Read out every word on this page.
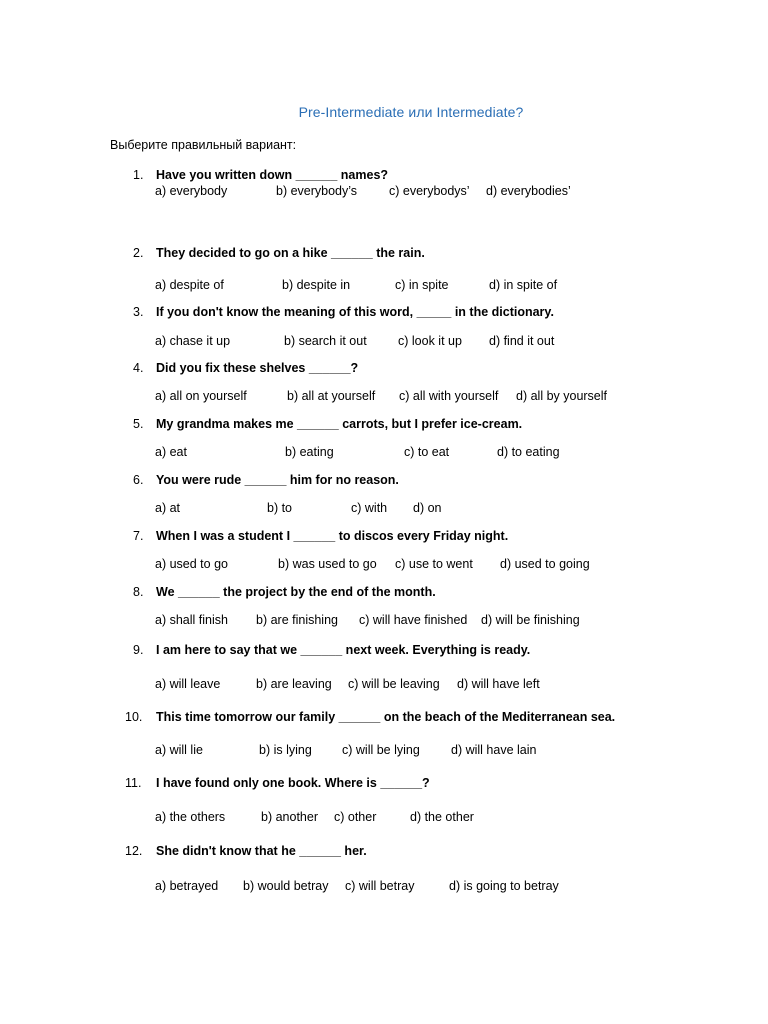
Pre-Intermediate или Intermediate?
Выберите правильный вариант:
1.	Have you written down ______ names?
a) everybody	b) everybody’s	c) everybodys’ d) everybodies’
2.	They decided to go on a hike ______ the rain.
a) despite of	b) despite in	c) in spite	d) in spite of
3.	If you don't know the meaning of this word, _____ in the dictionary.
a) chase it up	b) search it out	c) look it up d) find it out
4.	Did you fix these shelves ______?
a) all on yourself	b) all at yourself c) all with yourself d) all by yourself
5.	My grandma makes me ______ carrots, but I prefer ice-cream.
a) eat	b) eating	c) to eat	d) to eating
6.	You were rude ______ him for no reason.
a) at	b) to	c) with d) on
7.	When I was a student I ______ to discos every Friday night.
a) used to go	b) was used to go c) use to went d) used to going
8.	We ______ the project by the end of the month.
a) shall finish b) are finishing c) will have finished d) will be finishing
9.	I am here to say that we ______ next week. Everything is ready.
a) will leave	b) are leaving c) will be leaving d) will have left
10. This time tomorrow our family ______ on the beach of the Mediterranean sea.
a) will lie	b) is lying c) will be lying d) will have lain
11. I have found only one book. Where is ______?
a) the others	b) another c) other	d) the other
12. She didn't know that he ______ her.
a) betrayed b) would betray c) will betray	d) is going to betray
